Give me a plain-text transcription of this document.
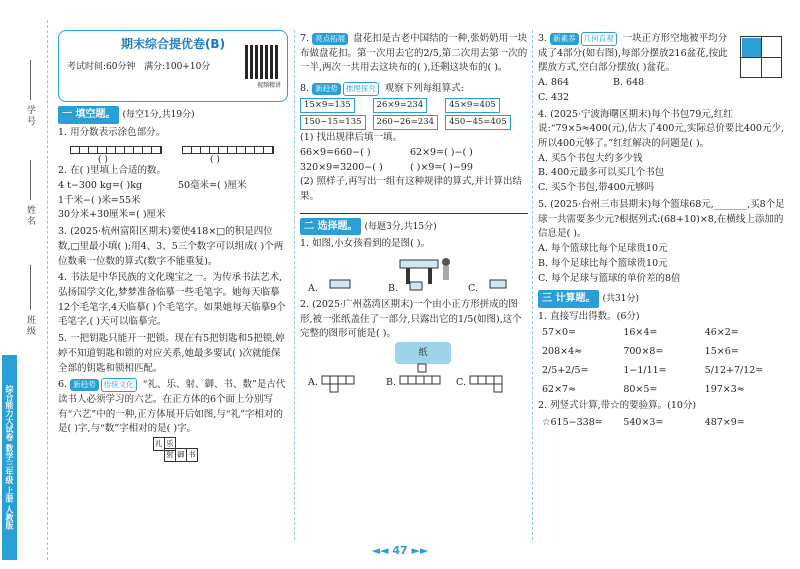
学号
姓名
班级
综合能力大试卷 数学三年级 上册 人教版
期末综合提优卷(B)
考试时间:60分钟 满分:100+10分
视频精讲
一 填空题。 (每空1分,共19分)
1. 用分数表示涂色部分。
( )	( )
2. 在( )里填上合适的数。
4 t−300 kg=( )kg	50毫米=( )厘米
1千米−( )米=55米
30分米+30厘米=( )厘米
3. (2025·杭州富阳区期末)要使418×□的积是四位数,□里最小填( );用4、3、5三个数字可以组成( )个两位数乘一位数的算式(数字不能重复)。
4. 书法是中华民族的文化瑰宝之一。为传承书法艺术,弘扬国学文化,梦梦准备临摹一些毛笔字。她每天临摹12个毛笔字,4天临摹( )个毛笔字。如果她每天临摹9个毛笔字,( )天可以临摹完。
5. 一把钥匙只能开一把锁。现在有5把钥匙和5把锁,婷婷不知道钥匙和锁的对应关系,她最多要试( )次就能保全部的钥匙和锁相匹配。
6. 新趋势 传统文化 “礼、乐、射、御、书、数”是古代读书人必须学习的六艺。在正方体的6个面上分别写有“六艺”中的一种,正方体展开后如图,与“礼”字相对的是( )字,与“数”字相对的是( )字。
礼 乐
射 御 书
7. 亮点拓展 盘花扣是古老中国结的一种,张奶奶用一块布做盘花扣。第一次用去它的2/5,第二次用去第一次的一半,两次一共用去这块布的( ),还剩这块布的( )。
8. 新趋势 推理探究 观察下列每组算式:
$\frac{15\times 9=135}{150-15=135} \frac{26\times 9=234}{260-26=234} \frac{45\times 9=405}{450-45=405}$
(1) 找出规律后填一填。
66×9=660−( )	62×9=( )−( )
320×9=3200−( )	( )×9=( )−99
(2) 照样子,再写出一组有这种规律的算式,并计算出结果。
二 选择题。 (每题3分,共15分)
1. 如图,小女孩看到的是图( )。
A.	B.	C.
2. (2025·广州荔湾区期末)一个由小正方形拼成的图形,被一张纸盖住了一部分,只露出它的1/5(如图),这个完整的图形可能是( )。
纸
A.	B.	C.
3. 新素养 几何直观 一块正方形空地被平均分成了4部分(如右图),每部分摆放216盆花,按此摆放方式,空白部分摆放( )盆花。
A. 864	B. 648 C. 432
4. (2025·宁波海曙区期末)每个书包79元,红红说:“79×5≈400(元),估大了400元,实际总价要比400元少,所以400元够了。”红红解决的问题是( )。
A. 买5个书包大约多少钱
B. 400元最多可以买几个书包
C. 买5个书包,带400元够吗
5. (2025·台州三市县期末)每个篮球68元,_______,买8个足球一共需要多少元?根据列式:(68+10)×8,在横线上添加的信息是( )。
A. 每个篮球比每个足球贵10元
B. 每个足球比每个篮球贵10元
C. 每个足球与篮球的单价差的8倍
三 计算题。 (共31分)
1. 直接写出得数。(6分)
57×0=	16×4=	46×2=
208×4≈	700×8=	15×6=
2/5+2/5=	1−1/11=	5/12+7/12=
62×7≈	80×5=	197×3≈
2. 列竖式计算,带☆的要验算。(10分)
☆615−338=	540×3=	487×9=
◄◄ 47 ►►
